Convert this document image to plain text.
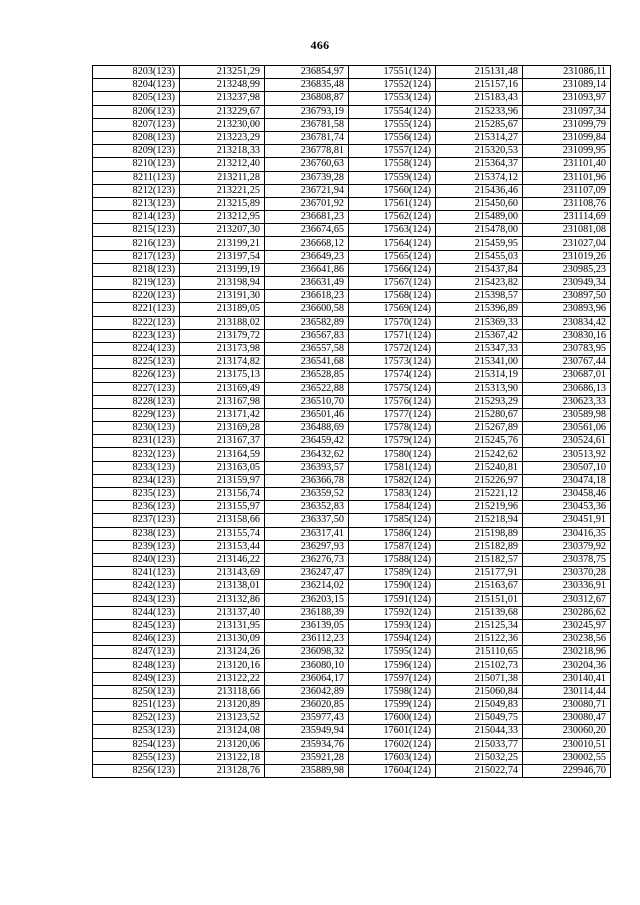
466
8203(123)	213251,29	236854,97	17551(124)	215131,48	231086,11
8204(123)	213248,99	236835,48	17552(124)	215157,16	231089,14
8205(123)	213237,98	236808,87	17553(124)	215183,43	231093,97
8206(123)	213229,67	236793,19	17554(124)	215233,96	231097,34
8207(123)	213230,00	236781,58	17555(124)	215285,67	231099,79
8208(123)	213223,29	236781,74	17556(124)	215314,27	231099,84
8209(123)	213218,33	236778,81	17557(124)	215320,53	231099,95
8210(123)	213212,40	236760,63	17558(124)	215364,37	231101,40
8211(123)	213211,28	236739,28	17559(124)	215374,12	231101,96
8212(123)	213221,25	236721,94	17560(124)	215436,46	231107,09
8213(123)	213215,89	236701,92	17561(124)	215450,60	231108,76
8214(123)	213212,95	236681,23	17562(124)	215489,00	231114,69
8215(123)	213207,30	236674,65	17563(124)	215478,00	231081,08
8216(123)	213199,21	236668,12	17564(124)	215459,95	231027,04
8217(123)	213197,54	236649,23	17565(124)	215455,03	231019,26
8218(123)	213199,19	236641,86	17566(124)	215437,84	230985,23
8219(123)	213198,94	236631,49	17567(124)	215423,82	230949,34
8220(123)	213191,30	236618,23	17568(124)	215398,57	230897,50
8221(123)	213189,05	236600,58	17569(124)	215396,89	230893,96
8222(123)	213188,02	236582,89	17570(124)	215369,33	230834,42
8223(123)	213179,72	236567,83	17571(124)	215367,42	230830,16
8224(123)	213173,98	236557,58	17572(124)	215347,33	230783,95
8225(123)	213174,82	236541,68	17573(124)	215341,00	230767,44
8226(123)	213175,13	236528,85	17574(124)	215314,19	230687,01
8227(123)	213169,49	236522,88	17575(124)	215313,90	230686,13
8228(123)	213167,98	236510,70	17576(124)	215293,29	230623,33
8229(123)	213171,42	236501,46	17577(124)	215280,67	230589,98
8230(123)	213169,28	236488,69	17578(124)	215267,89	230561,06
8231(123)	213167,37	236459,42	17579(124)	215245,76	230524,61
8232(123)	213164,59	236432,62	17580(124)	215242,62	230513,92
8233(123)	213163,05	236393,57	17581(124)	215240,81	230507,10
8234(123)	213159,97	236366,78	17582(124)	215226,97	230474,18
8235(123)	213156,74	236359,52	17583(124)	215221,12	230458,46
8236(123)	213155,97	236352,83	17584(124)	215219,96	230453,36
8237(123)	213158,66	236337,50	17585(124)	215218,94	230451,91
8238(123)	213155,74	236317,41	17586(124)	215198,89	230416,35
8239(123)	213153,44	236297,93	17587(124)	215182,89	230379,92
8240(123)	213146,22	236276,73	17588(124)	215182,57	230378,75
8241(123)	213143,69	236247,47	17589(124)	215177,91	230370,28
8242(123)	213138,01	236214,02	17590(124)	215163,67	230336,91
8243(123)	213132,86	236203,15	17591(124)	215151,01	230312,67
8244(123)	213137,40	236188,39	17592(124)	215139,68	230286,62
8245(123)	213131,95	236139,05	17593(124)	215125,34	230245,97
8246(123)	213130,09	236112,23	17594(124)	215122,36	230238,56
8247(123)	213124,26	236098,32	17595(124)	215110,65	230218,96
8248(123)	213120,16	236080,10	17596(124)	215102,73	230204,36
8249(123)	213122,22	236064,17	17597(124)	215071,38	230140,41
8250(123)	213118,66	236042,89	17598(124)	215060,84	230114,44
8251(123)	213120,89	236020,85	17599(124)	215049,83	230080,71
8252(123)	213123,52	235977,43	17600(124)	215049,75	230080,47
8253(123)	213124,08	235949,94	17601(124)	215044,33	230060,20
8254(123)	213120,06	235934,76	17602(124)	215033,77	230010,51
8255(123)	213122,18	235921,28	17603(124)	215032,25	230002,55
8256(123)	213128,76	235889,98	17604(124)	215022,74	229946,70
